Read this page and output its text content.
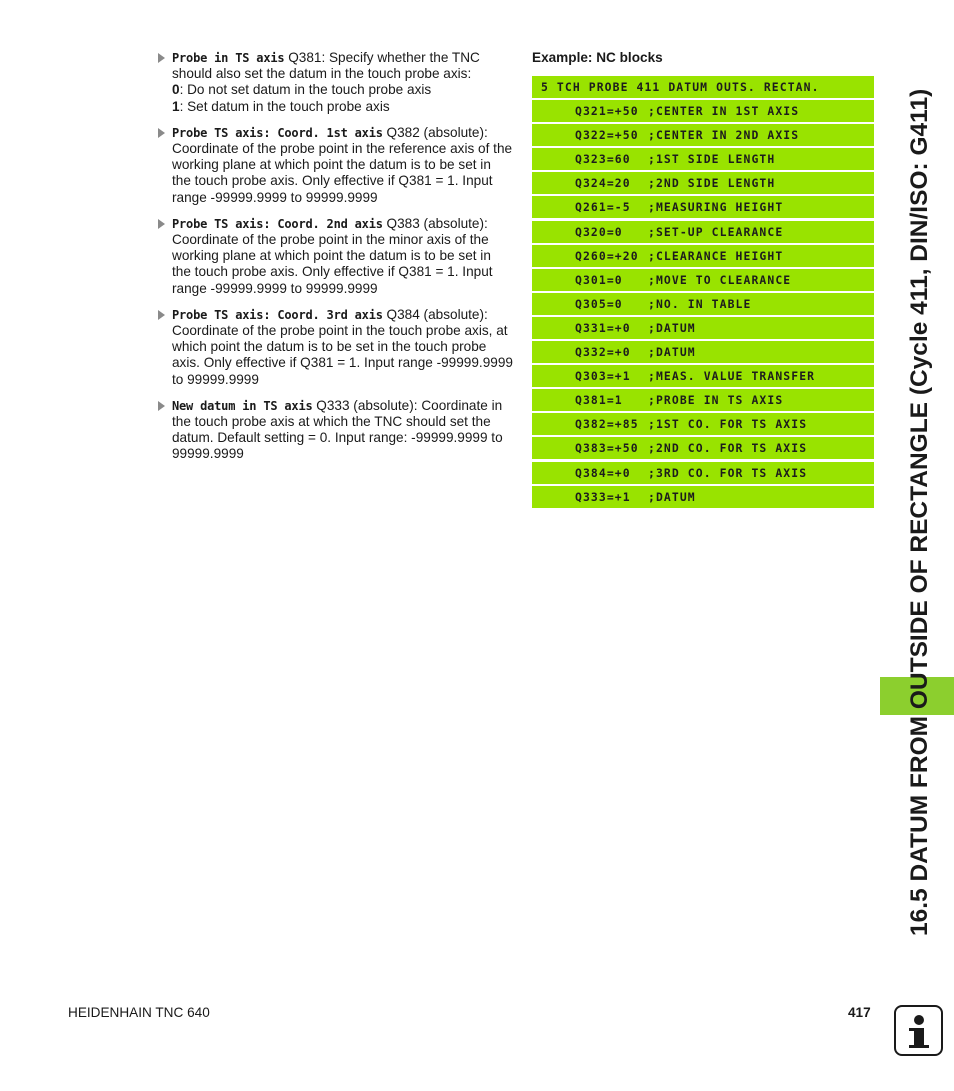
Probe in TS axis Q381: Specify whether the TNC should also set the datum in the touch probe axis:
0: Do not set datum in the touch probe axis
1: Set datum in the touch probe axis
Probe TS axis: Coord. 1st axis Q382 (absolute): Coordinate of the probe point in the reference axis of the working plane at which point the datum is to be set in the touch probe axis. Only effective if Q381 = 1. Input range -99999.9999 to 99999.9999
Probe TS axis: Coord. 2nd axis Q383 (absolute): Coordinate of the probe point in the minor axis of the working plane at which point the datum is to be set in the touch probe axis. Only effective if Q381 = 1. Input range -99999.9999 to 99999.9999
Probe TS axis: Coord. 3rd axis Q384 (absolute): Coordinate of the probe point in the touch probe axis, at which point the datum is to be set in the touch probe axis. Only effective if Q381 = 1. Input range -99999.9999 to 99999.9999
New datum in TS axis Q333 (absolute): Coordinate in the touch probe axis at which the TNC should set the datum. Default setting = 0. Input range: -99999.9999 to 99999.9999
Example: NC blocks
5 TCH PROBE 411 DATUM OUTS. RECTAN.
Q321=+50 ;CENTER IN 1ST AXIS
Q322=+50 ;CENTER IN 2ND AXIS
Q323=60	;1ST SIDE LENGTH
Q324=20	;2ND SIDE LENGTH
Q261=-5	;MEASURING HEIGHT
Q320=0	;SET-UP CLEARANCE
Q260=+20 ;CLEARANCE HEIGHT
Q301=0	;MOVE TO CLEARANCE
Q305=0	;NO. IN TABLE
Q331=+0	;DATUM
Q332=+0	;DATUM
Q303=+1	;MEAS. VALUE TRANSFER
Q381=1	;PROBE IN TS AXIS
Q382=+85 ;1ST CO. FOR TS AXIS
Q383=+50 ;2ND CO. FOR TS AXIS
Q384=+0	;3RD CO. FOR TS AXIS
Q333=+1	;DATUM	16.5 DATUM FROM OUTSIDE OF RECTANGLE (Cycle 411, DIN/ISO: G411)
HEIDENHAIN TNC 640	417
